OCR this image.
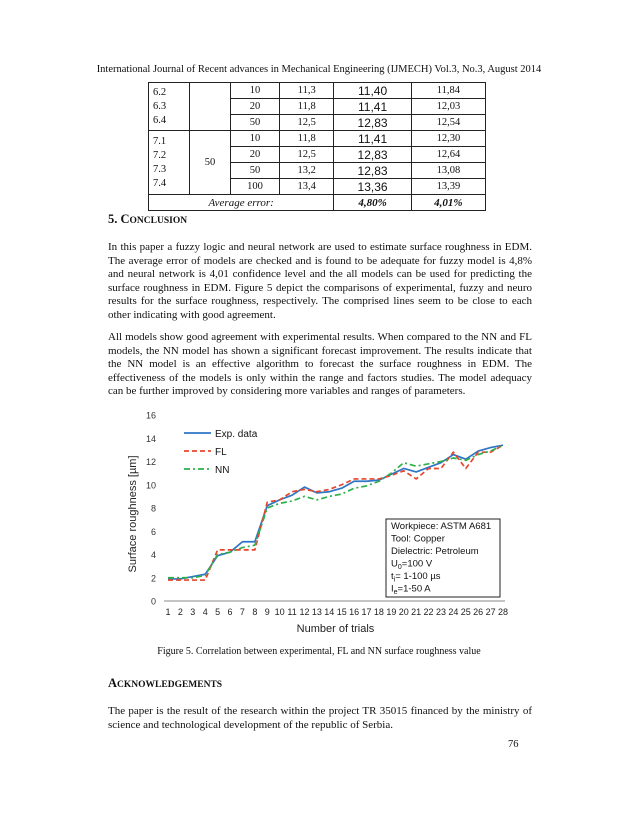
International Journal of Recent advances in Mechanical Engineering (IJMECH) Vol.3, No.3, August 2014
6.2
6.3
6.4		10	11,3	11,40	11,84
		20	11,8	11,41	12,03
		50	12,5	12,83	12,54

7.1
7.2
7.3
7.4	50	10	11,8	11,41	12,30
		20	12,5	12,83	12,64
		50	13,2	12,83	13,08
		100	13,4	13,36	13,39
Average error:				4,80%	4,01%
5. CONCLUSION

In this paper a fuzzy logic and neural network are used to estimate surface roughness in EDM. The average error of models are checked and is found to be adequate for fuzzy model is 4,8% and neural network is 4,01 confidence level and the all models can be used for predicting the surface roughness in EDM. Figure 5 depict the comparisons of experimental, fuzzy and neuro results for the surface roughness, respectively. The comprised lines seem to be close to each other indicating with good agreement.

All models show good agreement with experimental results. When compared to the NN and FL models, the NN model has shown a significant forecast improvement. The results indicate that the NN model is an effective algorithm to forecast the surface roughness in EDM. The effectiveness of the models is only within the range and factors studies. The model adequacy can be further improved by considering more variables and ranges of parameters.

0
2
4
6
8
10
12
14
16
1 2 3 4 5 6 7 8 9 10 11 12 13 14 15 16 17 18 19 20 21 22 23 24 25 26 27 28
Number of trials
Surface roughness [µm]
Exp. data
FL
NN
Workpiece: ASTM A681
Tool: Copper
Dielectric: Petroleum
$U_0=100$ V
$t_i= 1-100$ µs
$I_e=1-50$ A
Figure 5. Correlation between experimental, FL and NN surface roughness value
ACKNOWLEDGEMENTS

The paper is the result of the research within the project TR 35015 financed by the ministry of science and technological development of the republic of Serbia.

76
